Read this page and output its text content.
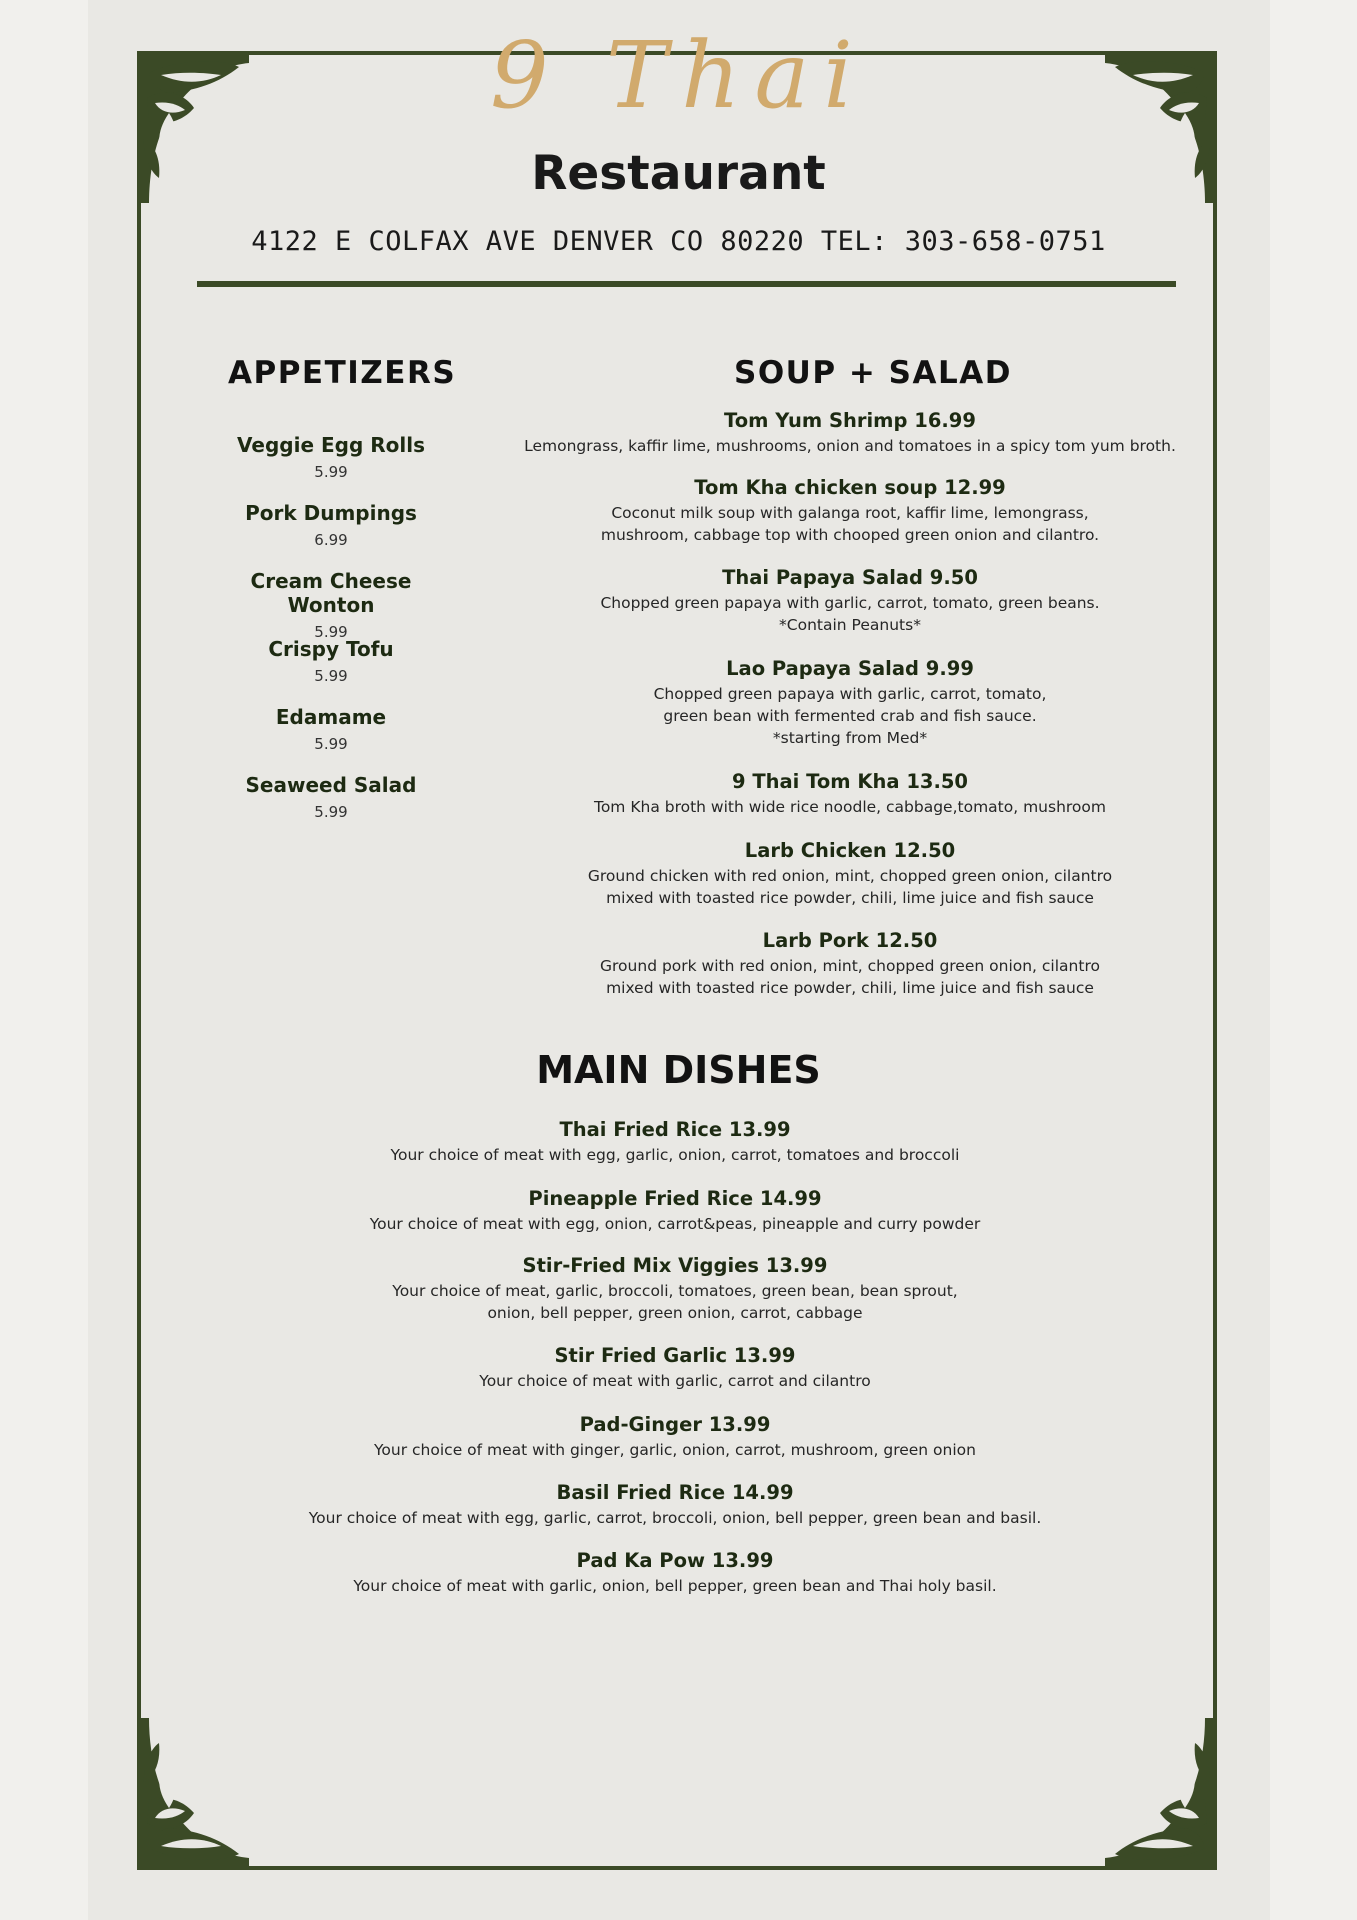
9 Thai
Restaurant
4122 E COLFAX AVE DENVER CO 80220 TEL: 303-658-0751
APPETIZERS	SOUP + SALAD
MAIN DISHES
Veggie Egg Rolls
5.99
Pork Dumpings
6.99
Cream Cheese Wonton
5.99
Crispy Tofu
5.99
Edamame
5.99
Seaweed Salad
5.99
Tom Yum Shrimp 16.99
Lemongrass, kaffir lime, mushrooms, onion and tomatoes in a spicy tom yum broth.
Tom Kha chicken soup 12.99
Coconut milk soup with galanga root, kaffir lime, lemongrass,
mushroom, cabbage top with chooped green onion and cilantro.
Thai Papaya Salad 9.50
Chopped green papaya with garlic, carrot, tomato, green beans.
*Contain Peanuts*
Lao Papaya Salad 9.99
Chopped green papaya with garlic, carrot, tomato,
green bean with fermented crab and fish sauce.
*starting from Med*
9 Thai Tom Kha 13.50
Tom Kha broth with wide rice noodle, cabbage,tomato, mushroom
Larb Chicken 12.50
Ground chicken with red onion, mint, chopped green onion, cilantro
mixed with toasted rice powder, chili, lime juice and fish sauce
Larb Pork 12.50
Ground pork with red onion, mint, chopped green onion, cilantro
mixed with toasted rice powder, chili, lime juice and fish sauce
Thai Fried Rice 13.99
Your choice of meat with egg, garlic, onion, carrot, tomatoes and broccoli
Pineapple Fried Rice 14.99
Your choice of meat with egg, onion, carrot&peas, pineapple and curry powder
Stir-Fried Mix Viggies 13.99
Your choice of meat, garlic, broccoli, tomatoes, green bean, bean sprout,
onion, bell pepper, green onion, carrot, cabbage
Stir Fried Garlic 13.99
Your choice of meat with garlic, carrot and cilantro
Pad-Ginger 13.99
Your choice of meat with ginger, garlic, onion, carrot, mushroom, green onion
Basil Fried Rice 14.99
Your choice of meat with egg, garlic, carrot, broccoli, onion, bell pepper, green bean and basil.
Pad Ka Pow 13.99
Your choice of meat with garlic, onion, bell pepper, green bean and Thai holy basil.
